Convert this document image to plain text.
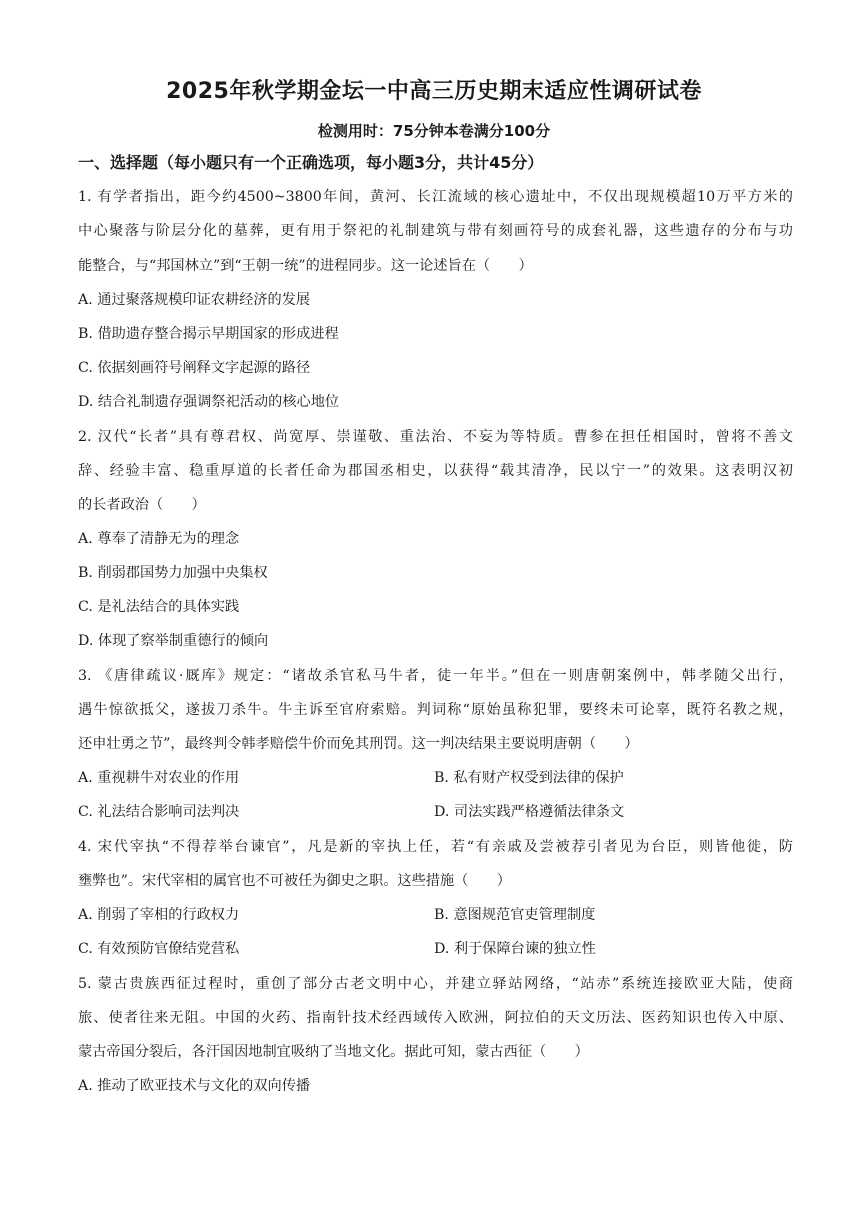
2025年秋学期金坛一中高三历史期末适应性调研试卷
检测用时：75分钟本卷满分100分
一、选择题（每小题只有一个正确选项，每小题3分，共计45分）
1. 有学者指出，距今约4500~3800年间，黄河、长江流域的核心遗址中，不仅出现规模超10万平方米的
中心聚落与阶层分化的墓葬，更有用于祭祀的礼制建筑与带有刻画符号的成套礼器，这些遗存的分布与功
能整合，与“邦国林立”到“王朝一统”的进程同步。这一论述旨在（　　）
A. 通过聚落规模印证农耕经济的发展
B. 借助遗存整合揭示早期国家的形成进程
C. 依据刻画符号阐释文字起源的路径
D. 结合礼制遗存强调祭祀活动的核心地位
2. 汉代“长者”具有尊君权、尚宽厚、崇谨敬、重法治、不妄为等特质。曹参在担任相国时，曾将不善文
辞、经验丰富、稳重厚道的长者任命为郡国丞相史，以获得“载其清净，民以宁一”的效果。这表明汉初
的长者政治（　　）
A. 尊奉了清静无为的理念
B. 削弱郡国势力加强中央集权
C. 是礼法结合的具体实践
D. 体现了察举制重德行的倾向
3. 《唐律疏议·厩库》规定：“诸故杀官私马牛者，徒一年半。”但在一则唐朝案例中，韩孝随父出行，
遇牛惊欲抵父，遂拔刀杀牛。牛主诉至官府索赔。判词称“原始虽称犯罪，要终未可论辜，既符名教之规，
还申壮勇之节”，最终判令韩孝赔偿牛价而免其刑罚。这一判决结果主要说明唐朝（　　）
A. 重视耕牛对农业的作用	B. 私有财产权受到法律的保护
C. 礼法结合影响司法判决	D. 司法实践严格遵循法律条文
4. 宋代宰执“不得荐举台谏官”，凡是新的宰执上任，若“有亲戚及尝被荐引者见为台臣，则皆他徙，防
壅弊也”。宋代宰相的属官也不可被任为御史之职。这些措施（　　）
A. 削弱了宰相的行政权力	B. 意图规范官吏管理制度
C. 有效预防官僚结党营私	D. 利于保障台谏的独立性
5. 蒙古贵族西征过程时，重创了部分古老文明中心，并建立驿站网络，“站赤”系统连接欧亚大陆，使商
旅、使者往来无阻。中国的火药、指南针技术经西域传入欧洲，阿拉伯的天文历法、医药知识也传入中原、
蒙古帝国分裂后，各汗国因地制宜吸纳了当地文化。据此可知，蒙古西征（　　）
A. 推动了欧亚技术与文化的双向传播
